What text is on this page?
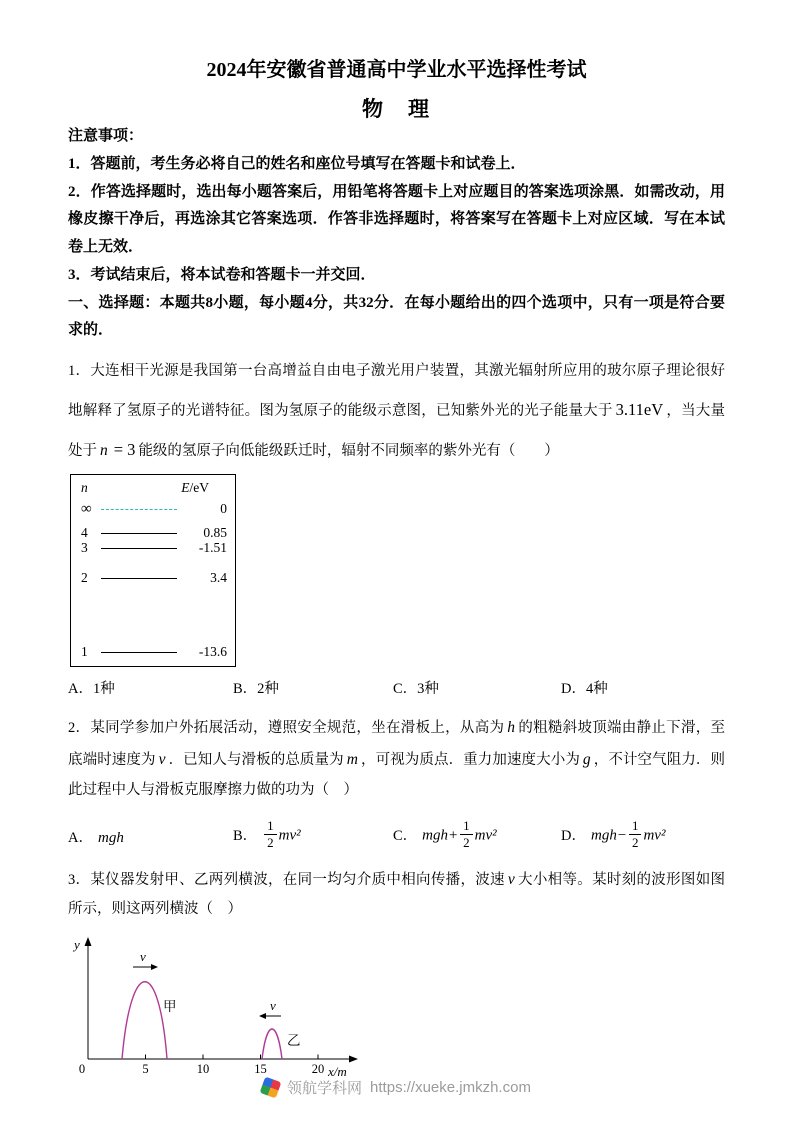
2024年安徽省普通高中学业水平选择性考试
物　理

注意事项：

1．答题前，考生务必将自己的姓名和座位号填写在答题卡和试卷上．

2．作答选择题时，选出每小题答案后，用铅笔将答题卡上对应题目的答案选项涂黑．如需改动，用橡皮擦干净后，再选涂其它答案选项．作答非选择题时，将答案写在答题卡上对应区域．写在本试卷上无效．

3．考试结束后，将本试卷和答题卡一并交回．

一、选择题：本题共8小题，每小题4分，共32分．在每小题给出的四个选项中，只有一项是符合要求的．

1．大连相干光源是我国第一台高增益自由电子激光用户装置，其激光辐射所应用的玻尔原子理论很好地解释了氢原子的光谱特征。图为氢原子的能级示意图，已知紫外光的光子能量大于 3.11eV ，当大量处于 n = 3 能级的氢原子向低能级跃迁时，辐射不同频率的紫外光有（　　）

n	E/eV
∞	0
4	0.85
3	-1.51
2	3.4
1	-13.6
A．1种	B．2种	C．3种	D．4种

2．某同学参加户外拓展活动，遵照安全规范，坐在滑板上，从高为 h 的粗糙斜坡顶端由静止下滑，至底端时速度为 v ．已知人与滑板的总质量为 m ，可视为质点．重力加速度大小为 g ，不计空气阻力．则此过程中人与滑板克服摩擦力做的功为（　）

A． mgh	B． $\frac{1}{2} mv^2$	C． $mgh+ \frac{1}{2} mv^2$	D． $mgh- \frac{1}{2} mv^2$

3．某仪器发射甲、乙两列横波，在同一均匀介质中相向传播，波速 v 大小相等。某时刻的波形图如图所示，则这两列横波（　）

y
x/m
0	5	10	15	20
v
甲	v
乙
领航学科网 https://xueke.jmkzh.com
